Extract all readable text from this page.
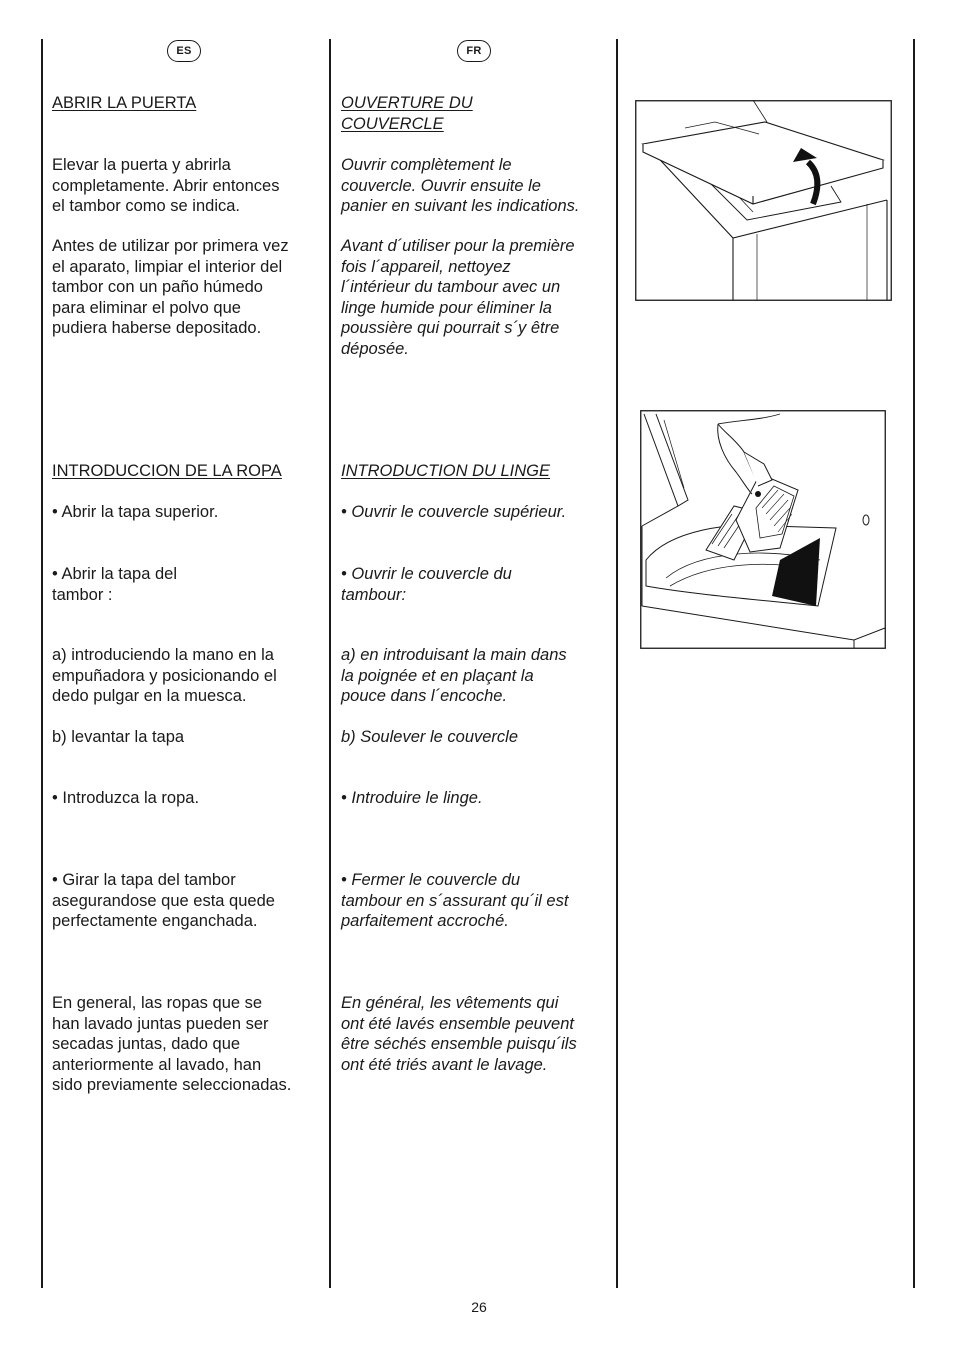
ES	FR

ABRIR LA PUERTA

Elevar la puerta y abrirla
completamente. Abrir entonces
el tambor como se indica.
Antes de utilizar por primera vez
el aparato, limpiar el interior del
tambor con un paño húmedo
para eliminar el polvo que
pudiera haberse depositado.

INTRODUCCION DE LA ROPA

• Abrir la tapa superior.
• Abrir la tapa del
tambor :
a) introduciendo la mano en la
empuñadora y posicionando el
dedo pulgar en la muesca.
b) levantar la tapa
• Introduzca la ropa.
• Girar la tapa del tambor
asegurandose que esta quede
perfectamente enganchada.
En general, las ropas que se
han lavado juntas pueden ser
secadas juntas, dado que
anteriormente al lavado, han
sido previamente seleccionadas.
OUVERTURE DU
COUVERCLE
Ouvrir complètement le
couvercle. Ouvrir ensuite le
panier en suivant les indications.
Avant d´utiliser pour la première
fois l´appareil, nettoyez
l´intérieur du tambour avec un
linge humide pour éliminer la
poussière qui pourrait s´y être
déposée.

INTRODUCTION DU LINGE

• Ouvrir le couvercle supérieur.
• Ouvrir le couvercle du
tambour:
a) en introduisant la main dans
la poignée et en plaçant la
pouce dans l´encoche.
b) Soulever le couvercle
• Introduire le linge.
• Fermer le couvercle du
tambour en s´assurant qu´il est
parfaitement accroché.
En général, les vêtements qui
ont été lavés ensemble peuvent
être séchés ensemble puisqu´ils
ont été triés avant le lavage.
26
